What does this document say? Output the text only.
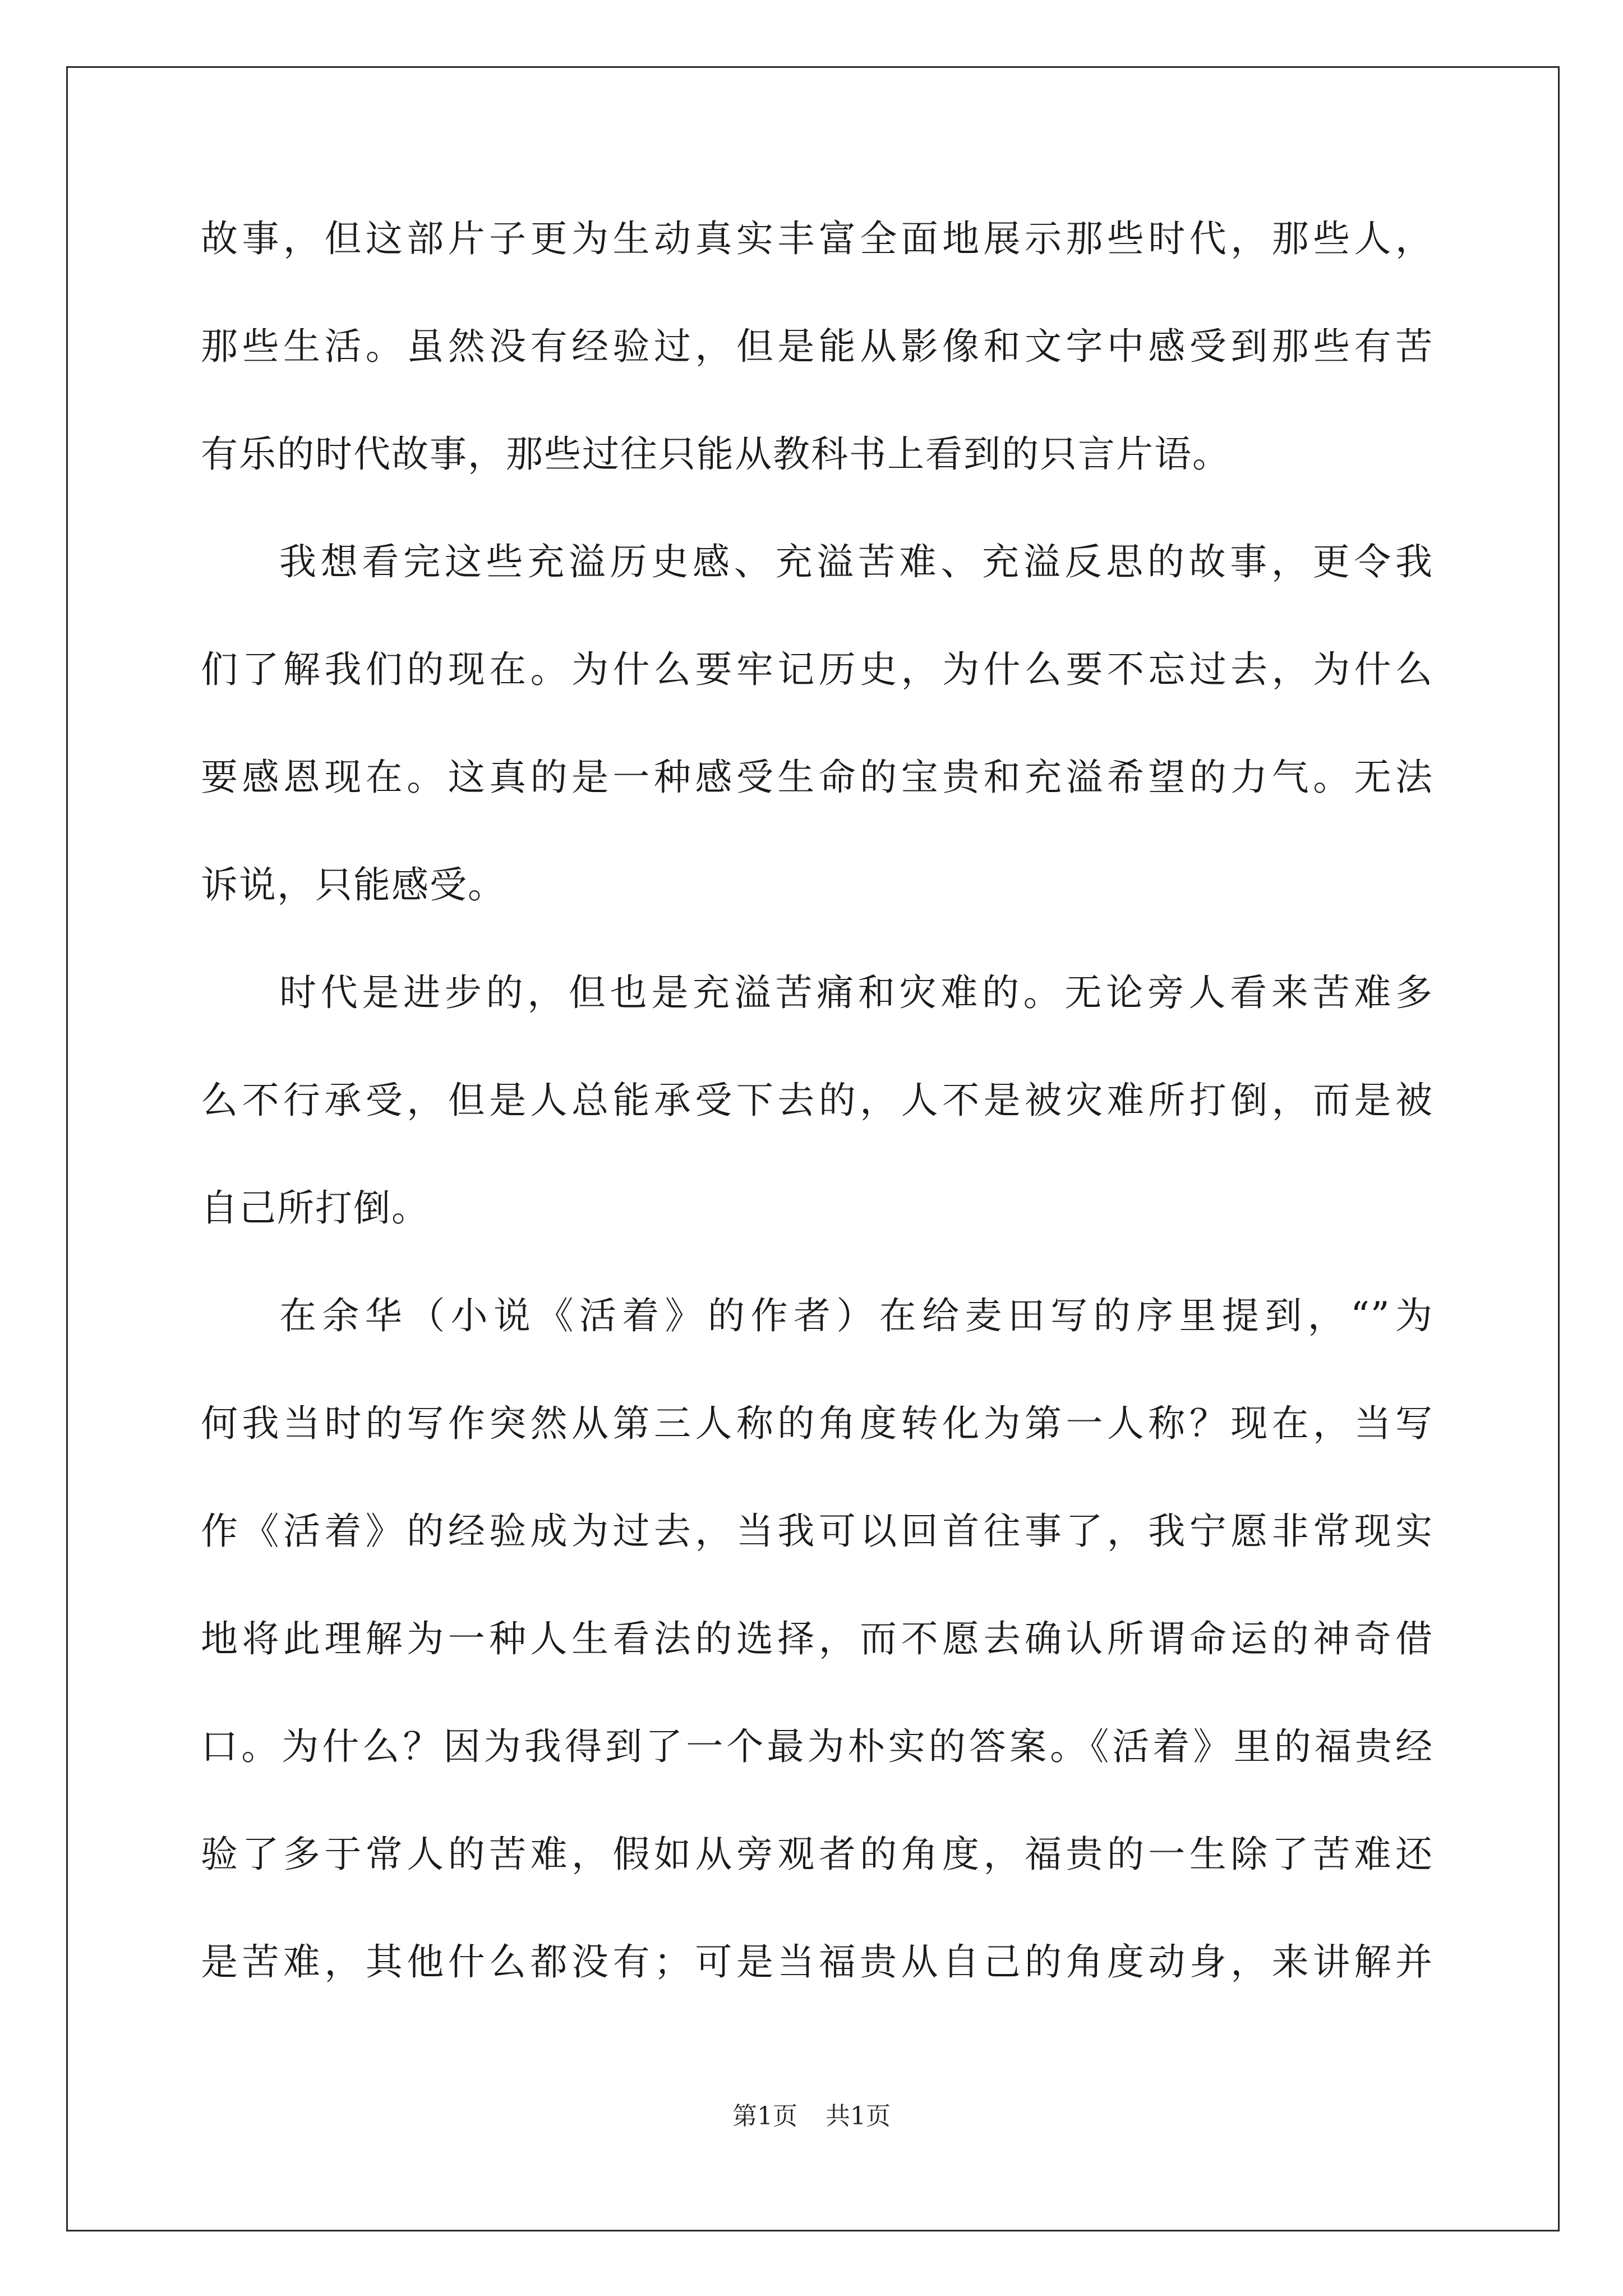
故事，但这部片子更为生动真实丰富全面地展示那些时代，那些人，
那些生活。虽然没有经验过，但是能从影像和文字中感受到那些有苦
有乐的时代故事，那些过往只能从教科书上看到的只言片语。
我想看完这些充溢历史感、充溢苦难、充溢反思的故事，更令我
们了解我们的现在。为什么要牢记历史，为什么要不忘过去，为什么
要感恩现在。这真的是一种感受生命的宝贵和充溢希望的力气。无法
诉说，只能感受。
时代是进步的，但也是充溢苦痛和灾难的。无论旁人看来苦难多
么不行承受，但是人总能承受下去的，人不是被灾难所打倒，而是被
自己所打倒。
在余华（小说《活着》的作者）在给麦田写的序里提到，“”为
何我当时的写作突然从第三人称的角度转化为第一人称？现在，当写
作《活着》的经验成为过去，当我可以回首往事了，我宁愿非常现实
地将此理解为一种人生看法的选择，而不愿去确认所谓命运的神奇借
口。为什么？因为我得到了一个最为朴实的答案。《活着》里的福贵经
验了多于常人的苦难，假如从旁观者的角度，福贵的一生除了苦难还
是苦难，其他什么都没有；可是当福贵从自己的角度动身，来讲解并
第1页 共1页
